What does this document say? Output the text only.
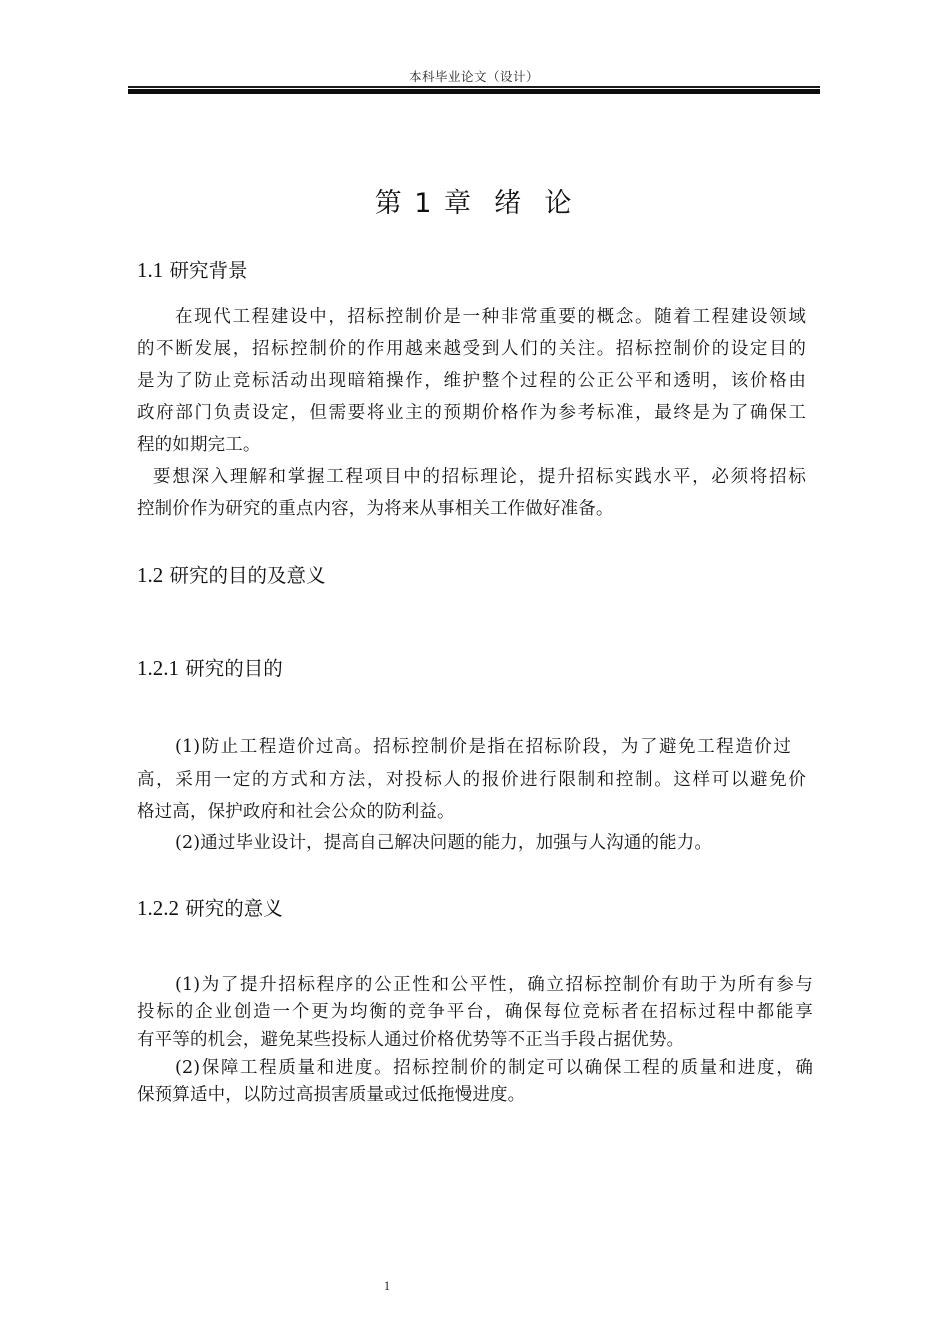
本科毕业论文（设计）
第 1 章  绪  论
1.1 研究背景
在现代工程建设中，招标控制价是一种非常重要的概念。随着工程建设领域
的不断发展，招标控制价的作用越来越受到人们的关注。招标控制价的设定目的
是为了防止竞标活动出现暗箱操作，维护整个过程的公正公平和透明，该价格由
政府部门负责设定，但需要将业主的预期价格作为参考标准，最终是为了确保工
程的如期完工。
要想深入理解和掌握工程项目中的招标理论，提升招标实践水平，必须将招标
控制价作为研究的重点内容，为将来从事相关工作做好准备。
1.2 研究的目的及意义
1.2.1 研究的目的
(1)防止工程造价过高。招标控制价是指在招标阶段，为了避免工程造价过
高，采用一定的方式和方法，对投标人的报价进行限制和控制。这样可以避免价
格过高，保护政府和社会公众的防利益。
(2)通过毕业设计，提高自己解决问题的能力，加强与人沟通的能力。
1.2.2 研究的意义
(1)为了提升招标程序的公正性和公平性，确立招标控制价有助于为所有参与
投标的企业创造一个更为均衡的竞争平台，确保每位竞标者在招标过程中都能享
有平等的机会，避免某些投标人通过价格优势等不正当手段占据优势。
(2)保障工程质量和进度。招标控制价的制定可以确保工程的质量和进度，确
保预算适中，以防过高损害质量或过低拖慢进度。
1
